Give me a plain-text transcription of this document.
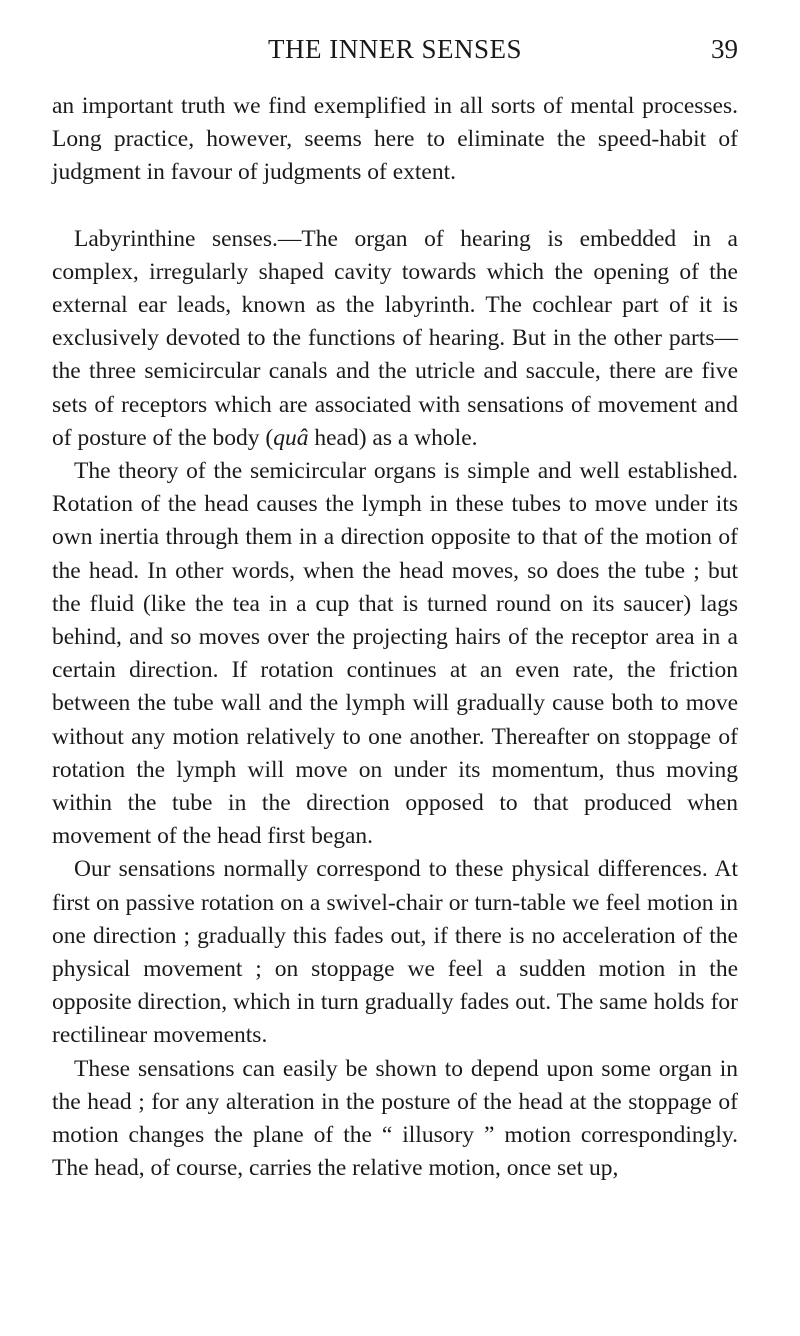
THE INNER SENSES	39

an important truth we find exemplified in all sorts of mental processes. Long practice, however, seems here to eliminate the speed-habit of judgment in favour of judgments of extent.

Labyrinthine senses.—The organ of hearing is embedded in a complex, irregularly shaped cavity towards which the opening of the external ear leads, known as the labyrinth. The cochlear part of it is exclusively devoted to the functions of hearing. But in the other parts—the three semicircular canals and the utricle and saccule, there are five sets of receptors which are associated with sensations of movement and of posture of the body (quâ head) as a whole.

The theory of the semicircular organs is simple and well established. Rotation of the head causes the lymph in these tubes to move under its own inertia through them in a direction opposite to that of the motion of the head. In other words, when the head moves, so does the tube ; but the fluid (like the tea in a cup that is turned round on its saucer) lags behind, and so moves over the projecting hairs of the receptor area in a certain direction. If rotation continues at an even rate, the friction between the tube wall and the lymph will gradually cause both to move without any motion relatively to one another. Thereafter on stoppage of rotation the lymph will move on under its momentum, thus moving within the tube in the direction opposed to that produced when movement of the head first began.

Our sensations normally correspond to these physical differences. At first on passive rotation on a swivel-chair or turn-table we feel motion in one direction ; gradually this fades out, if there is no acceleration of the physical movement ; on stoppage we feel a sudden motion in the opposite direction, which in turn gradually fades out. The same holds for rectilinear movements.

These sensations can easily be shown to depend upon some organ in the head ; for any alteration in the posture of the head at the stoppage of motion changes the plane of the “ illusory ” motion correspondingly. The head, of course, carries the relative motion, once set up,
